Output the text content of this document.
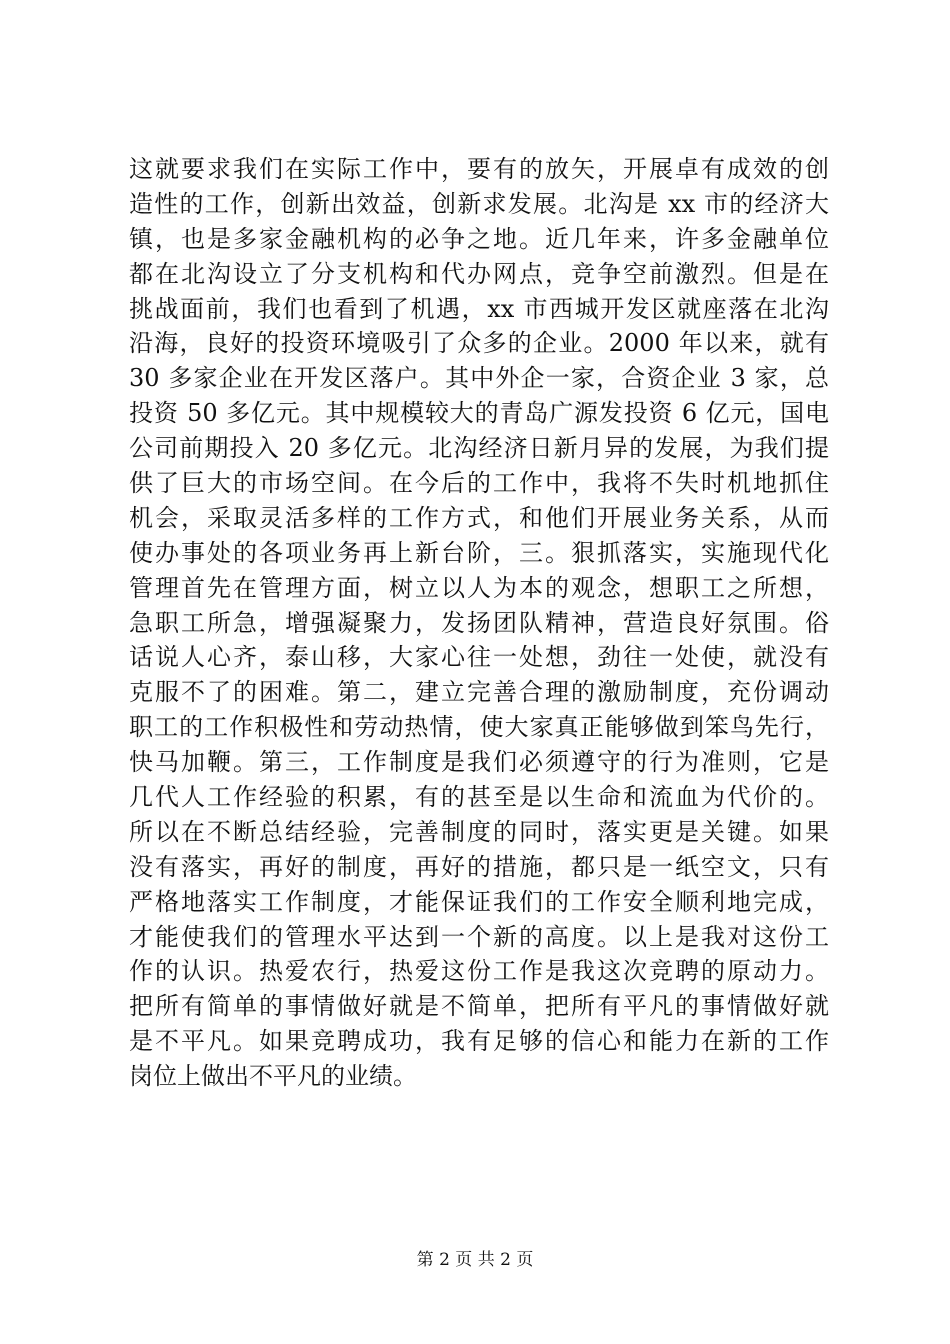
这就要求我们在实际工作中，要有的放矢，开展卓有成效的创
造性的工作，创新出效益，创新求发展。北沟是 xx 市的经济大
镇，也是多家金融机构的必争之地。近几年来，许多金融单位
都在北沟设立了分支机构和代办网点，竞争空前激烈。但是在
挑战面前，我们也看到了机遇，xx 市西城开发区就座落在北沟
沿海，良好的投资环境吸引了众多的企业。2000 年以来，就有
30 多家企业在开发区落户。其中外企一家，合资企业 3 家，总
投资 50 多亿元。其中规模较大的青岛广源发投资 6 亿元，国电
公司前期投入 20 多亿元。北沟经济日新月异的发展，为我们提
供了巨大的市场空间。在今后的工作中，我将不失时机地抓住
机会，采取灵活多样的工作方式，和他们开展业务关系，从而
使办事处的各项业务再上新台阶，三。狠抓落实，实施现代化
管理首先在管理方面，树立以人为本的观念，想职工之所想，
急职工所急，增强凝聚力，发扬团队精神，营造良好氛围。俗
话说人心齐，泰山移，大家心往一处想，劲往一处使，就没有
克服不了的困难。第二，建立完善合理的激励制度，充份调动
职工的工作积极性和劳动热情，使大家真正能够做到笨鸟先行，
快马加鞭。第三，工作制度是我们必须遵守的行为准则，它是
几代人工作经验的积累，有的甚至是以生命和流血为代价的。
所以在不断总结经验，完善制度的同时，落实更是关键。如果
没有落实，再好的制度，再好的措施，都只是一纸空文，只有
严格地落实工作制度，才能保证我们的工作安全顺利地完成，
才能使我们的管理水平达到一个新的高度。以上是我对这份工
作的认识。热爱农行，热爱这份工作是我这次竞聘的原动力。
把所有简单的事情做好就是不简单，把所有平凡的事情做好就
是不平凡。如果竞聘成功，我有足够的信心和能力在新的工作
岗位上做出不平凡的业绩。
第 2 页 共 2 页
